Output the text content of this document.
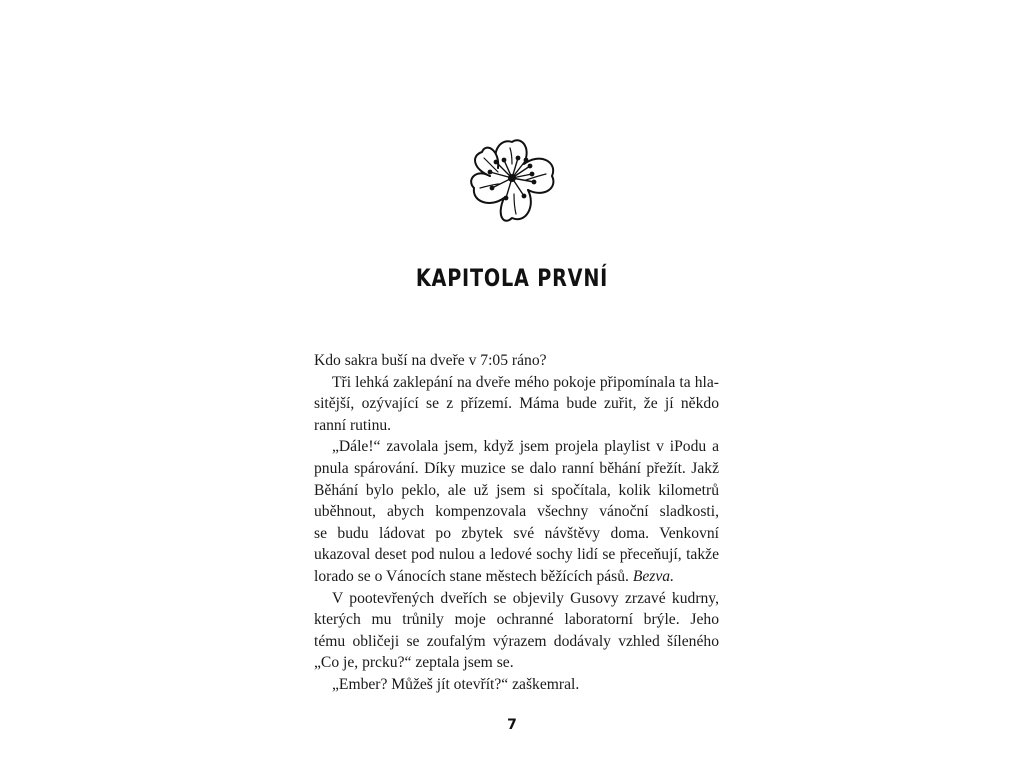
KAPITOLA PRVNÍ
Kdo sakra buší na dveře v 7:05 ráno?
Tři lehká zaklepání na dveře mého pokoje připomínala ta hla-
sitější, ozývající se z přízemí. Máma bude zuřit, že jí někdo
ranní rutinu.
„Dále!“ zavolala jsem, když jsem projela playlist v iPodu a
pnula spárování. Díky muzice se dalo ranní běhání přežít. Jakž
Běhání bylo peklo, ale už jsem si spočítala, kolik kilometrů
uběhnout, abych kompenzovala všechny vánoční sladkosti,
se budu ládovat po zbytek své návštěvy doma. Venkovní
ukazoval deset pod nulou a ledové sochy lidí se přeceňují, takže
lorado se o Vánocích stane městech běžících pásů. Bezva.
V pootevřených dveřích se objevily Gusovy zrzavé kudrny,
kterých mu trůnily moje ochranné laboratorní brýle. Jeho
tému obličeji se zoufalým výrazem dodávaly vzhled šíleného
„Co je, prcku?“ zeptala jsem se.
„Ember? Můžeš jít otevřít?“ zaškemral.
7
